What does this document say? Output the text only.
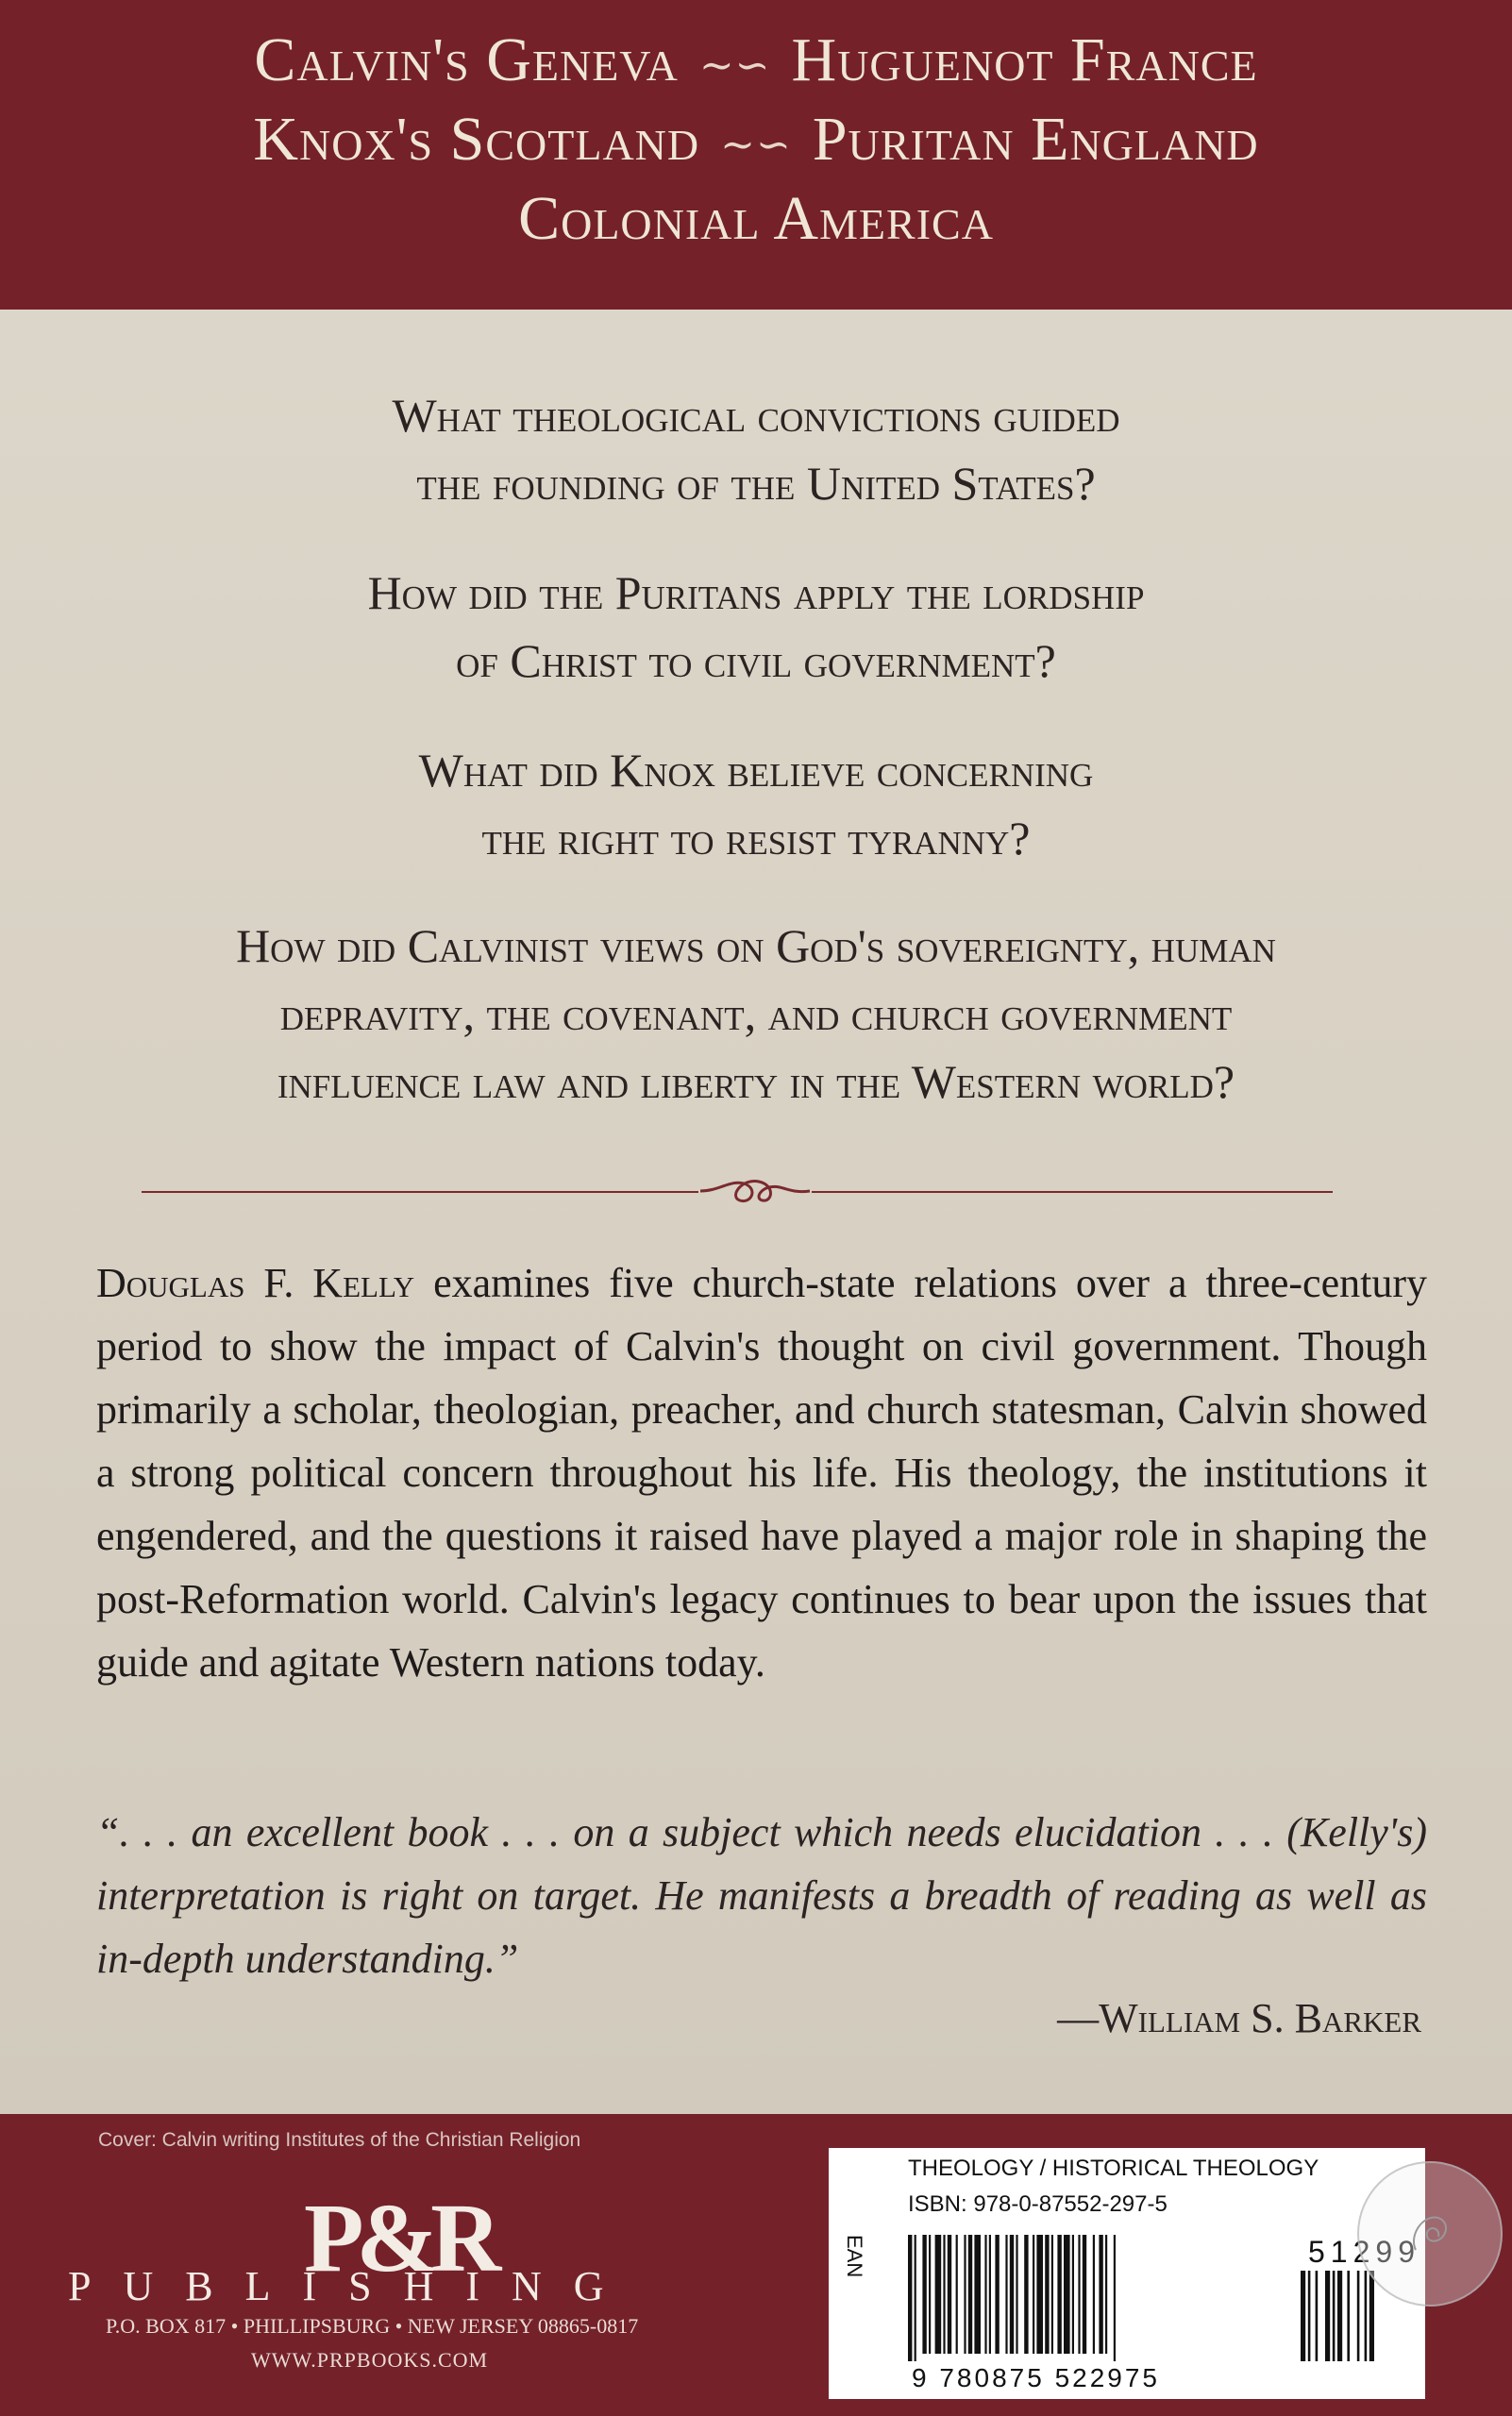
Calvin's Geneva ∼∽ Huguenot France
Knox's Scotland ∼∽ Puritan England
Colonial America
What theological convictions guided
the founding of the United States?
How did the Puritans apply the lordship
of Christ to civil government?
What did Knox believe concerning
the right to resist tyranny?
How did Calvinist views on God's sovereignty, human
depravity, the covenant, and church government
influence law and liberty in the Western world?

Douglas F. Kelly examines five church-state relations over a three-century period to show the impact of Calvin's thought on civil government. Though primarily a scholar, theologian, preacher, and church statesman, Calvin showed a strong political concern throughout his life. His theology, the institutions it engendered, and the questions it raised have played a major role in shaping the post-Reformation world. Calvin's legacy continues to bear upon the issues that guide and agitate Western nations today.

“. . . an excellent book . . . on a subject which needs elucidation . . . (Kelly's) interpretation is right on target. He manifests a breadth of reading as well as in-depth understanding.”

—William S. Barker
Cover: Calvin writing Institutes of the Christian Religion
P&R
PUBLISHING
P.O. BOX 817 • PHILLIPSBURG • NEW JERSEY 08865-0817
WWW.PRPBOOKS.COM
THEOLOGY / HISTORICAL THEOLOGY
ISBN: 978-0-87552-297-5
EAN	51299
9 780875 522975
